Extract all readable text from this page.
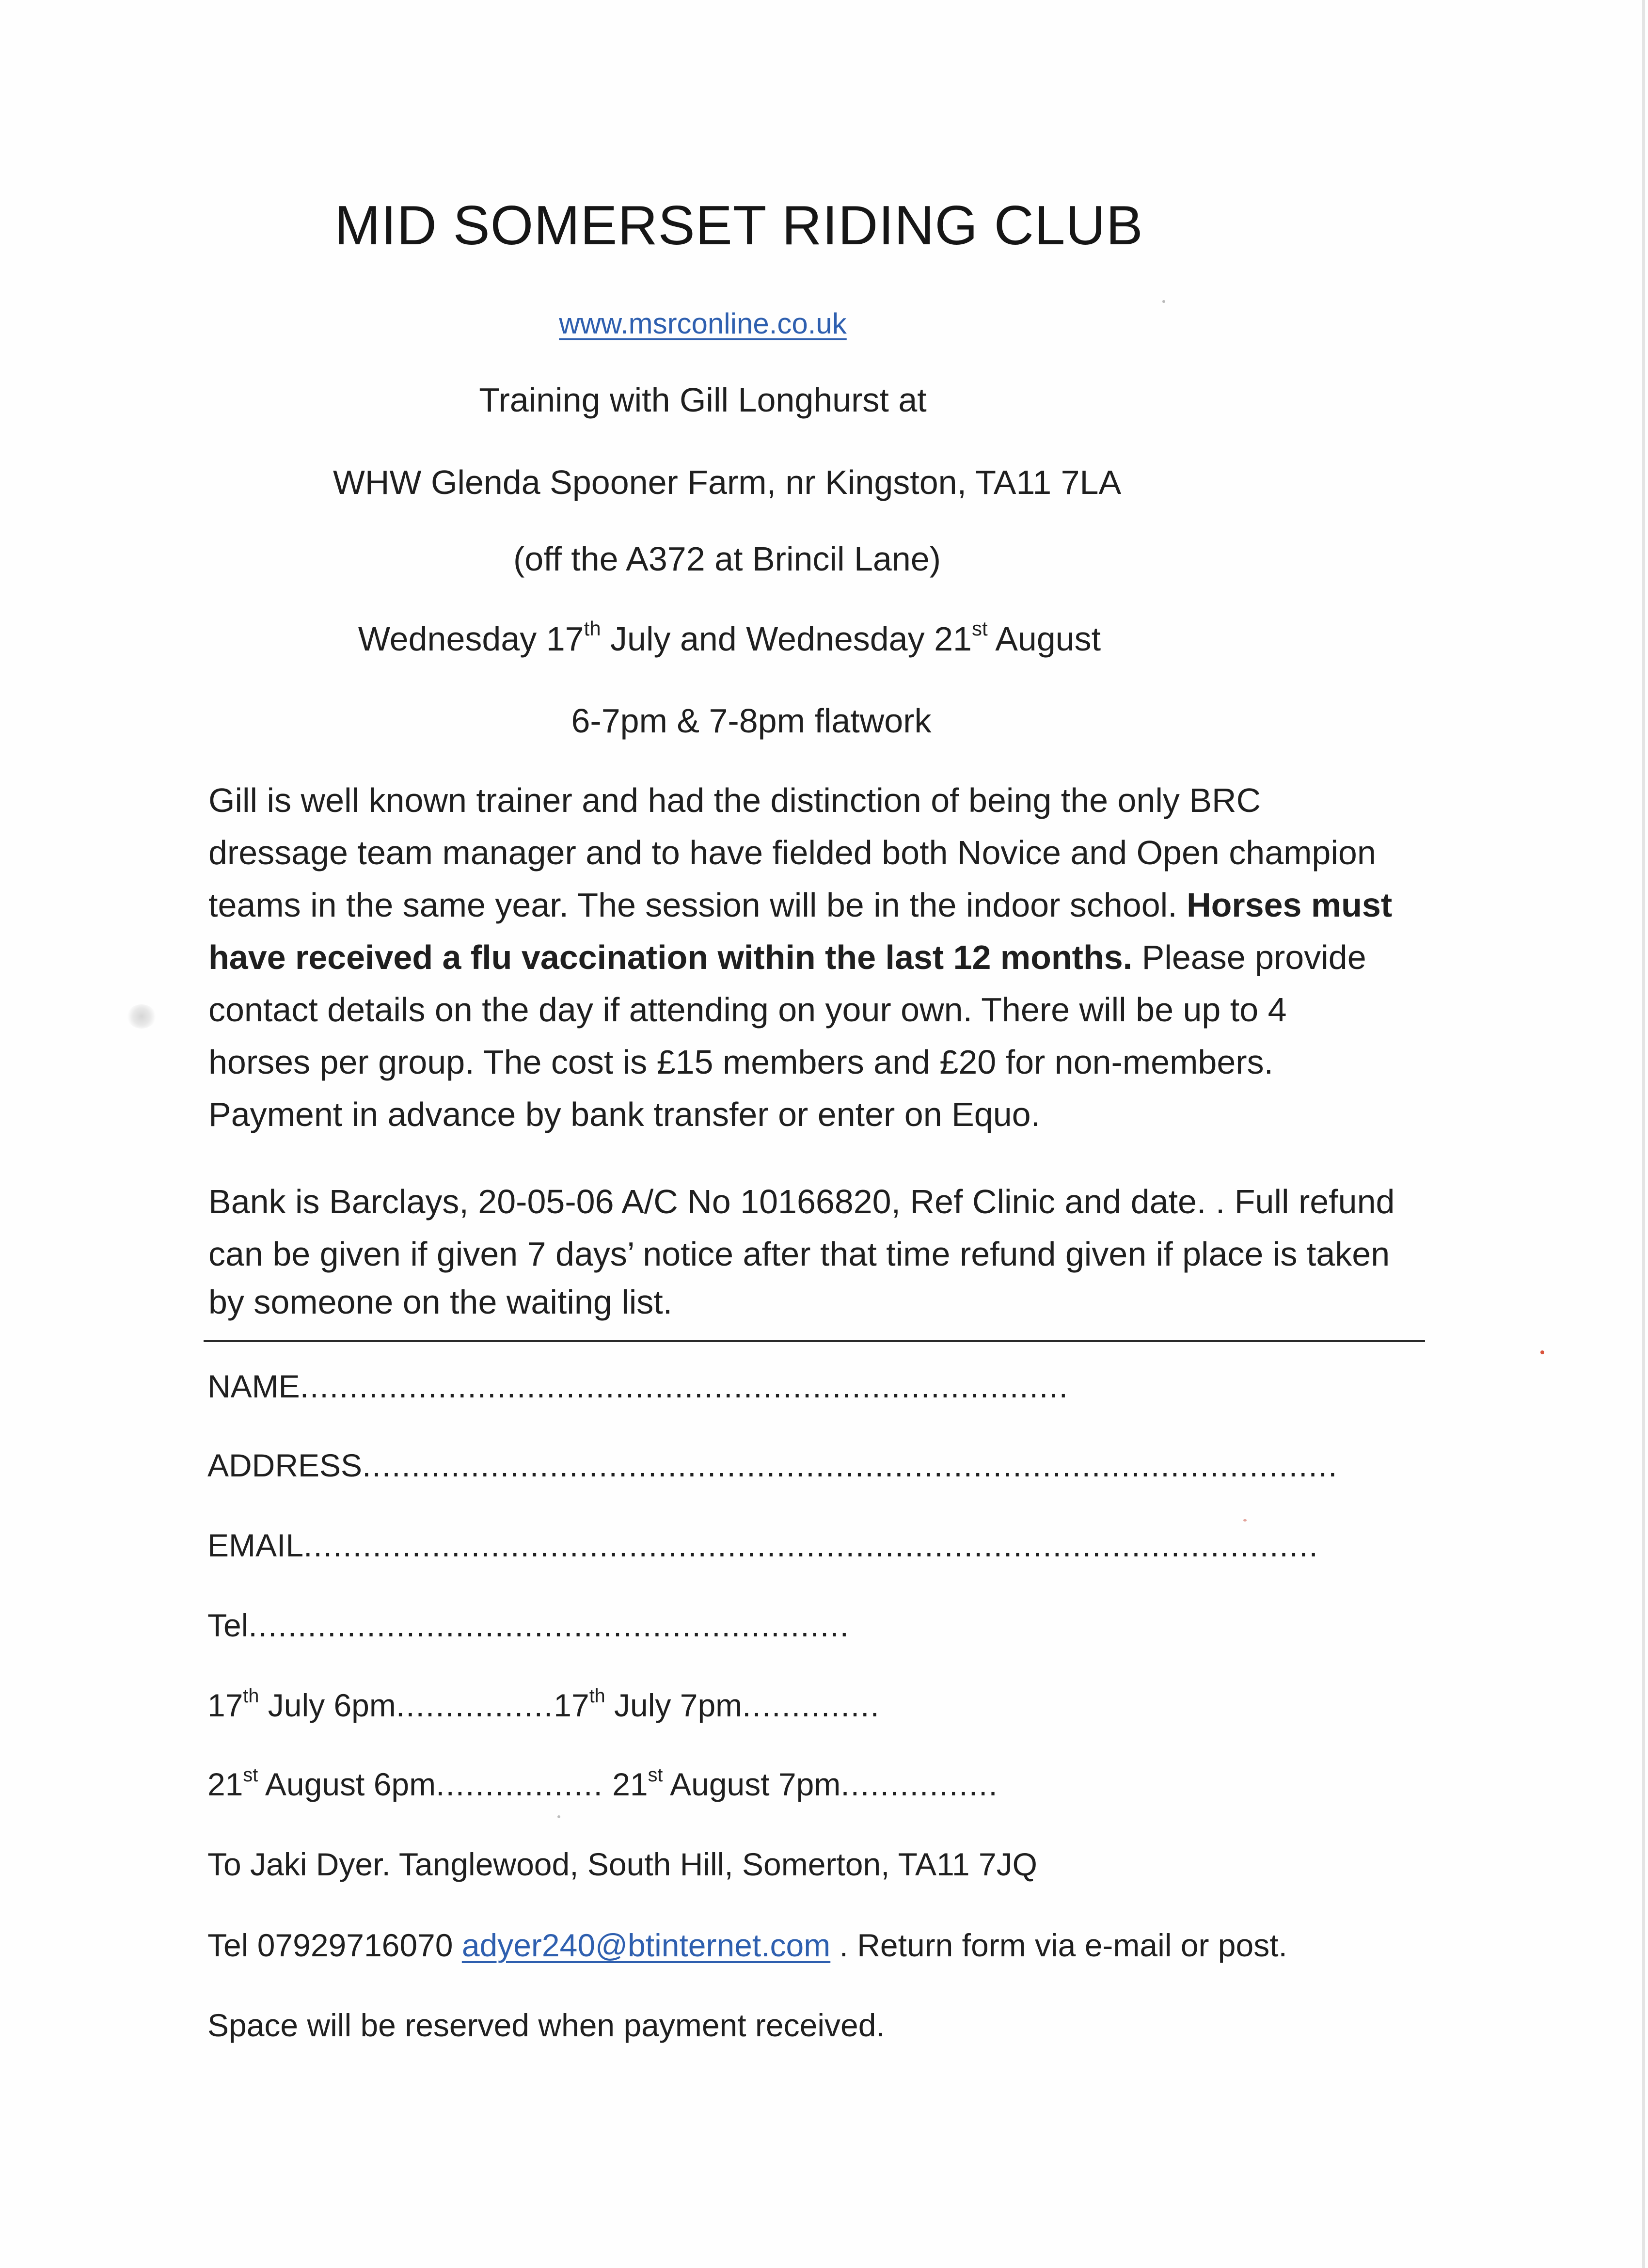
MID SOMERSET RIDING CLUB
www.msrconline.co.uk
Training with Gill Longhurst at
WHW Glenda Spooner Farm, nr Kingston, TA11 7LA
(off the A372 at Brincil Lane)
Wednesday 17th July and Wednesday 21st August
6-7pm & 7-8pm flatwork
Gill is well known trainer and had the distinction of being the only BRC
dressage team manager and to have fielded both Novice and Open champion
teams in the same year. The session will be in the indoor school. Horses must
have received a flu vaccination within the last 12 months. Please provide
contact details on the day if attending on your own. There will be up to 4
horses per group. The cost is £15 members and £20 for non-members.
Payment in advance by bank transfer or enter on Equo.
Bank is Barclays, 20-05-06 A/C No 10166820, Ref Clinic and date. . Full refund
can be given if given 7 days’ notice after that time refund given if place is taken
by someone on the waiting list.
NAME..............................................................................
ADDRESS...................................................................................................
EMAIL.......................................................................................................
Tel.............................................................
17th July 6pm................17th July 7pm..............
21st August 6pm................. 21st August 7pm................
To Jaki Dyer. Tanglewood, South Hill, Somerton, TA11 7JQ
Tel 07929716070 adyer240@btinternet.com . Return form via e-mail or post.
Space will be reserved when payment received.
